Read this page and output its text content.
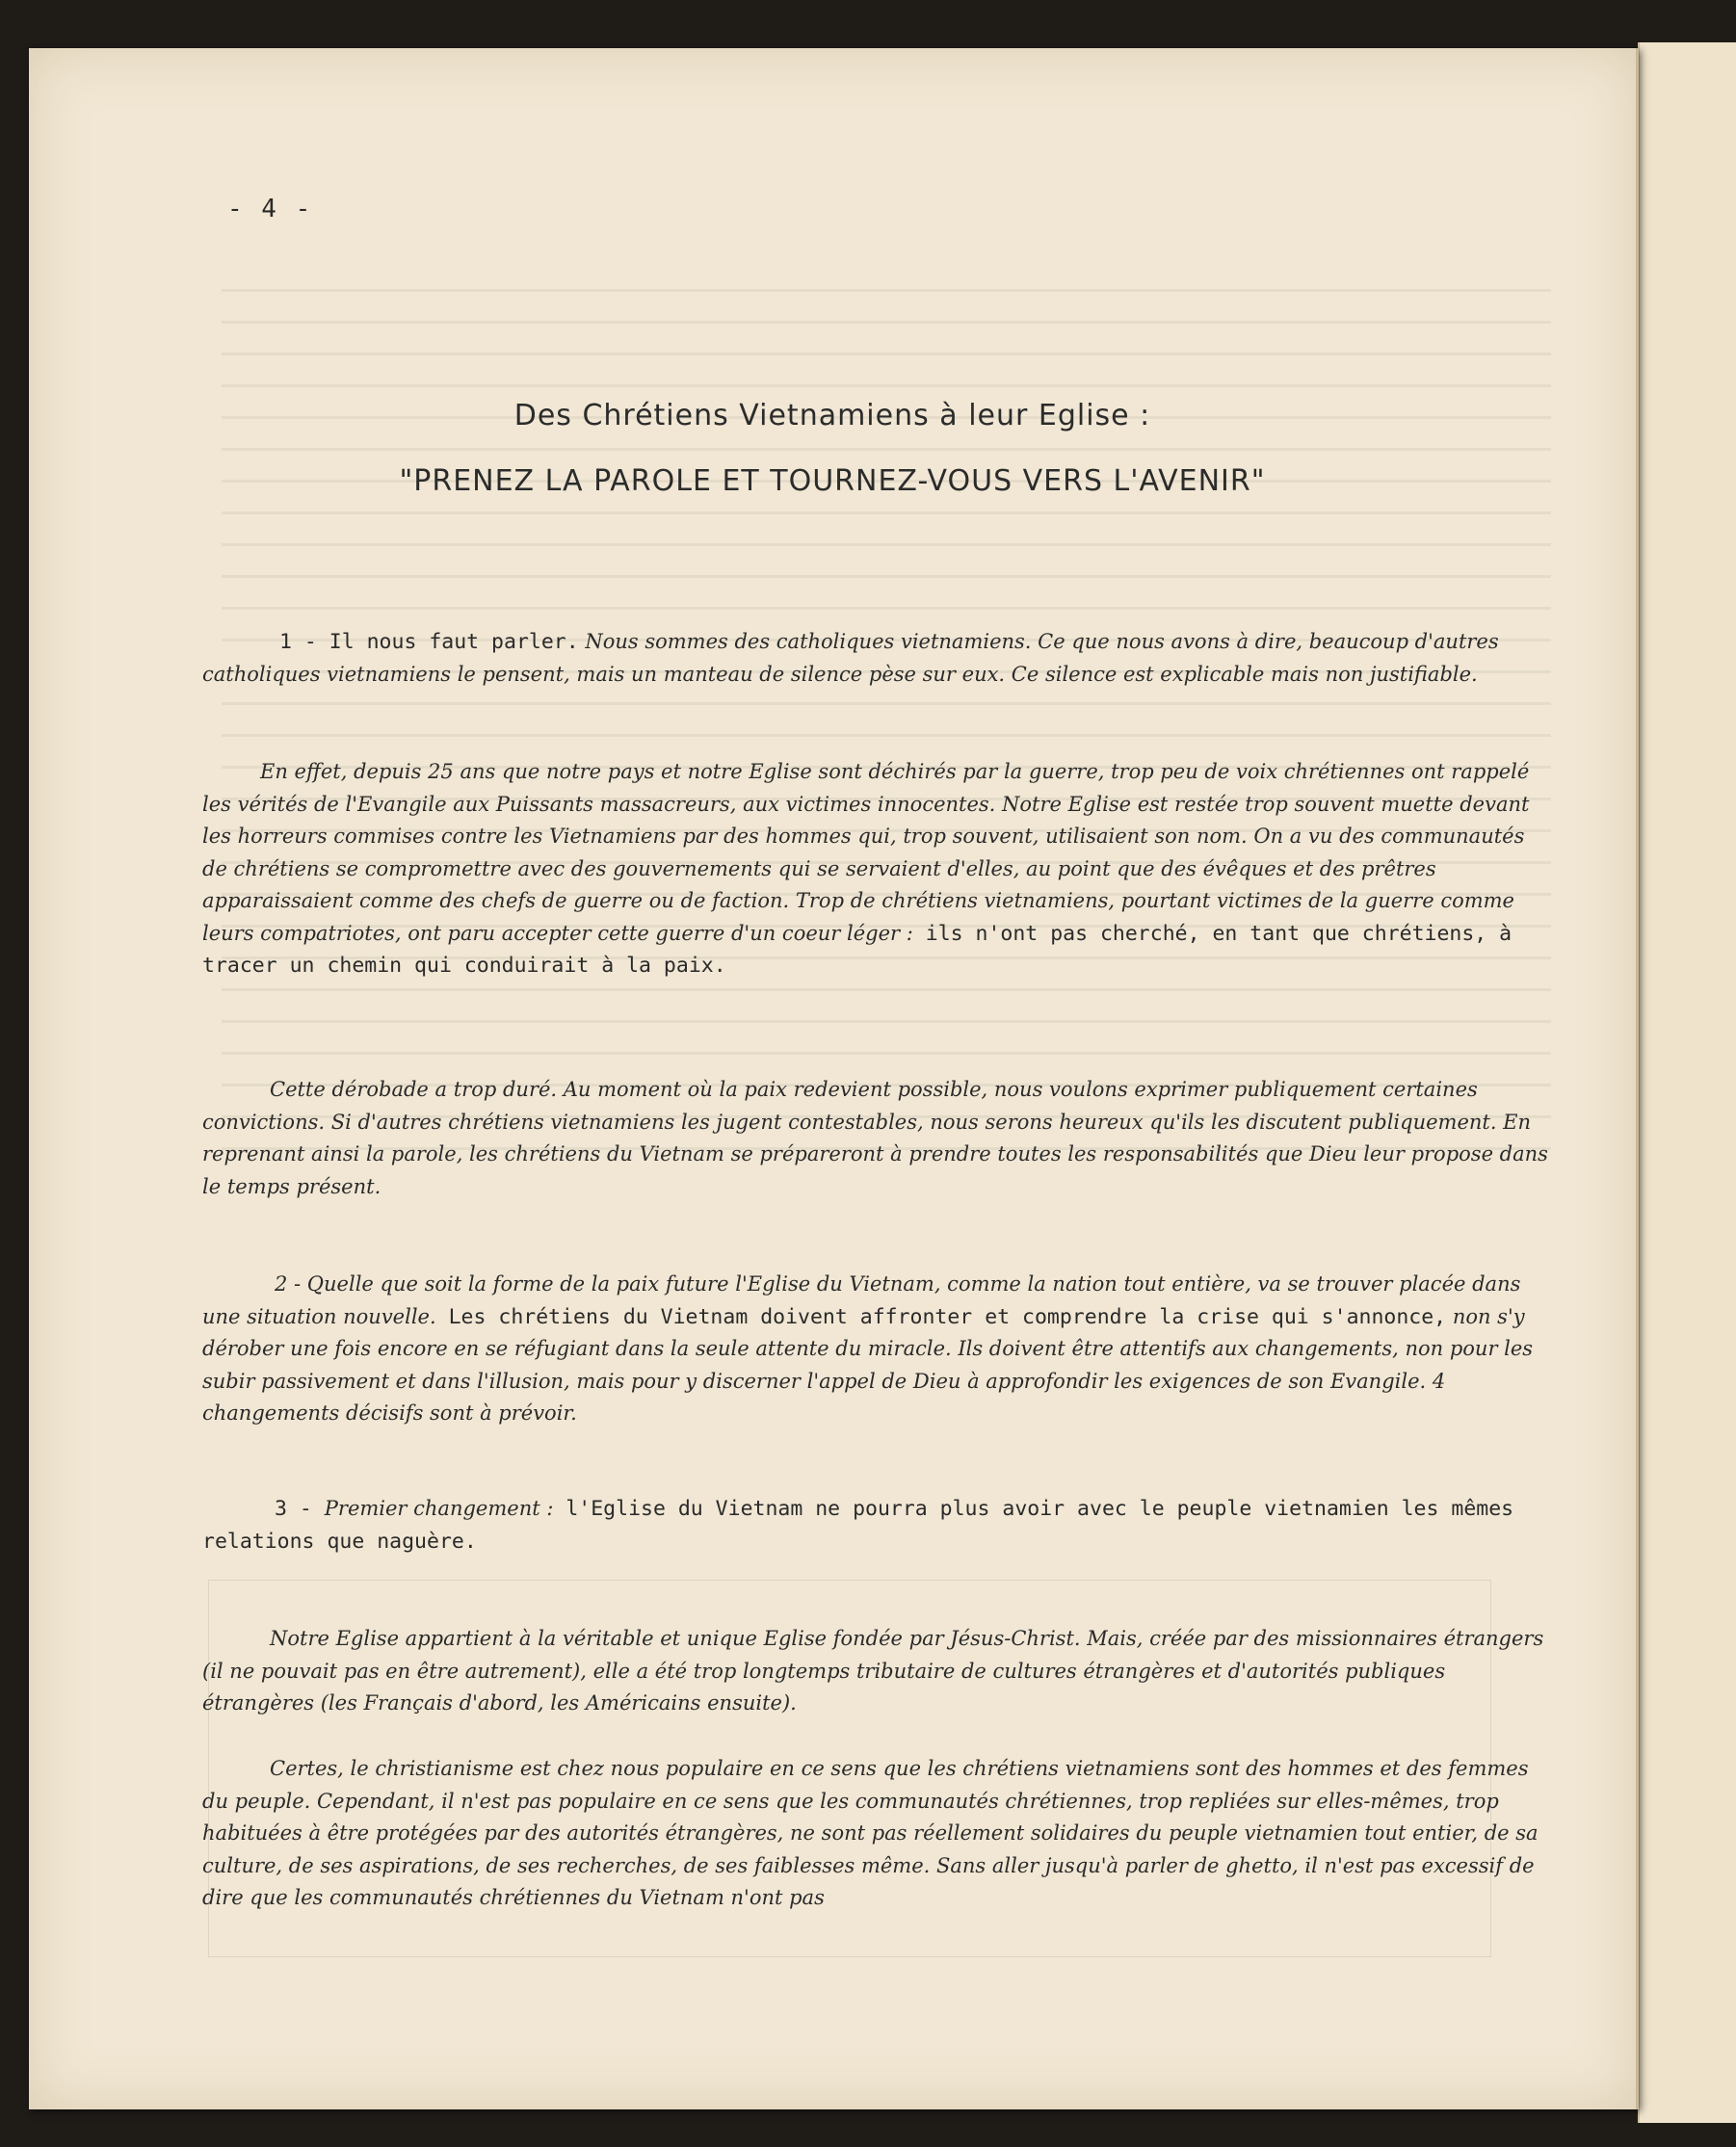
- 4 -
Des Chrétiens Vietnamiens à leur Eglise :
"PRENEZ LA PAROLE ET TOURNEZ-VOUS VERS L'AVENIR"
1 - Il nous faut parler. Nous sommes des catholiques vietnamiens. Ce que nous avons à dire, beaucoup d'autres catholiques vietnamiens le pensent, mais un manteau de silence pèse sur eux. Ce silence est explicable mais non justifiable.
En effet, depuis 25 ans que notre pays et notre Eglise sont déchirés par la guerre, trop peu de voix chrétiennes ont rappelé les vérités de l'Evangile aux Puissants massacreurs, aux victimes innocentes. Notre Eglise est restée trop souvent muette devant les horreurs commises contre les Vietnamiens par des hommes qui, trop souvent, utilisaient son nom. On a vu des communautés de chrétiens se compromettre avec des gouvernements qui se servaient d'elles, au point que des évêques et des prêtres apparaissaient comme des chefs de guerre ou de faction. Trop de chrétiens vietnamiens, pourtant victimes de la guerre comme leurs compatriotes, ont paru accepter cette guerre d'un coeur léger : ils n'ont pas cherché, en tant que chrétiens, à tracer un chemin qui conduirait à la paix.
Cette dérobade a trop duré. Au moment où la paix redevient possible, nous voulons exprimer publiquement certaines convictions. Si d'autres chrétiens vietnamiens les jugent contestables, nous serons heureux qu'ils les discutent publiquement. En reprenant ainsi la parole, les chrétiens du Vietnam se prépareront à prendre toutes les responsabilités que Dieu leur propose dans le temps présent.
2 - Quelle que soit la forme de la paix future l'Eglise du Vietnam, comme la nation tout entière, va se trouver placée dans une situation nouvelle. Les chrétiens du Vietnam doivent affronter et comprendre la crise qui s'annonce, non s'y dérober une fois encore en se réfugiant dans la seule attente du miracle. Ils doivent être attentifs aux changements, non pour les subir passivement et dans l'illusion, mais pour y discerner l'appel de Dieu à approfondir les exigences de son Evangile. 4 changements décisifs sont à prévoir.
3 - Premier changement : l'Eglise du Vietnam ne pourra plus avoir avec le peuple vietnamien les mêmes relations que naguère.
Notre Eglise appartient à la véritable et unique Eglise fondée par Jésus-Christ. Mais, créée par des missionnaires étrangers (il ne pouvait pas en être autrement), elle a été trop longtemps tributaire de cultures étrangères et d'autorités publiques étrangères (les Français d'abord, les Américains ensuite).
Certes, le christianisme est chez nous populaire en ce sens que les chrétiens vietnamiens sont des hommes et des femmes du peuple. Cependant, il n'est pas populaire en ce sens que les communautés chrétiennes, trop repliées sur elles-mêmes, trop habituées à être protégées par des autorités étrangères, ne sont pas réellement solidaires du peuple vietnamien tout entier, de sa culture, de ses aspirations, de ses recherches, de ses faiblesses même. Sans aller jusqu'à parler de ghetto, il n'est pas excessif de dire que les communautés chrétiennes du Vietnam n'ont pas
